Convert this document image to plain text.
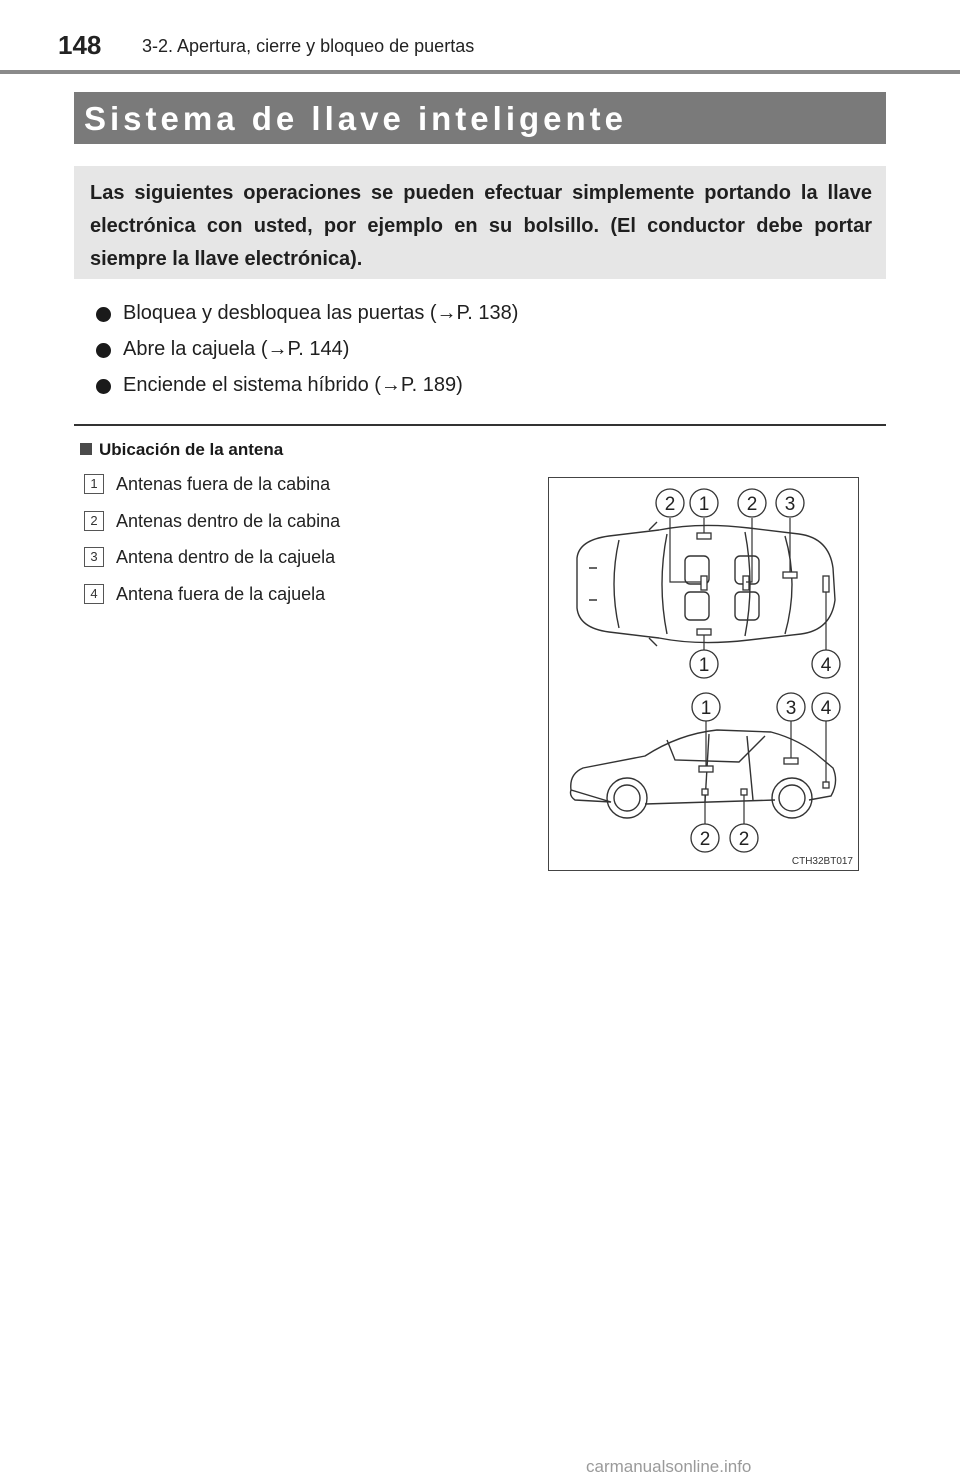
148 3-2. Apertura, cierre y bloqueo de puertas
Sistema de llave inteligente
Las siguientes operaciones se pueden efectuar simplemente portando la llave electrónica con usted, por ejemplo en su bolsillo. (El conductor debe portar siempre la llave electrónica).
Bloquea y desbloquea las puertas (→P. 138)
Abre la cajuela (→P. 144)
Enciende el sistema híbrido (→P. 189)
Ubicación de la antena
1	Antenas fuera de la cabina
2	Antenas dentro de la cabina
3	Antena dentro de la cajuela
4	Antena fuera de la cajuela
2 1 2 3
1	4
1	3 4
2 2
CTH32BT017
carmanualsonline.info
